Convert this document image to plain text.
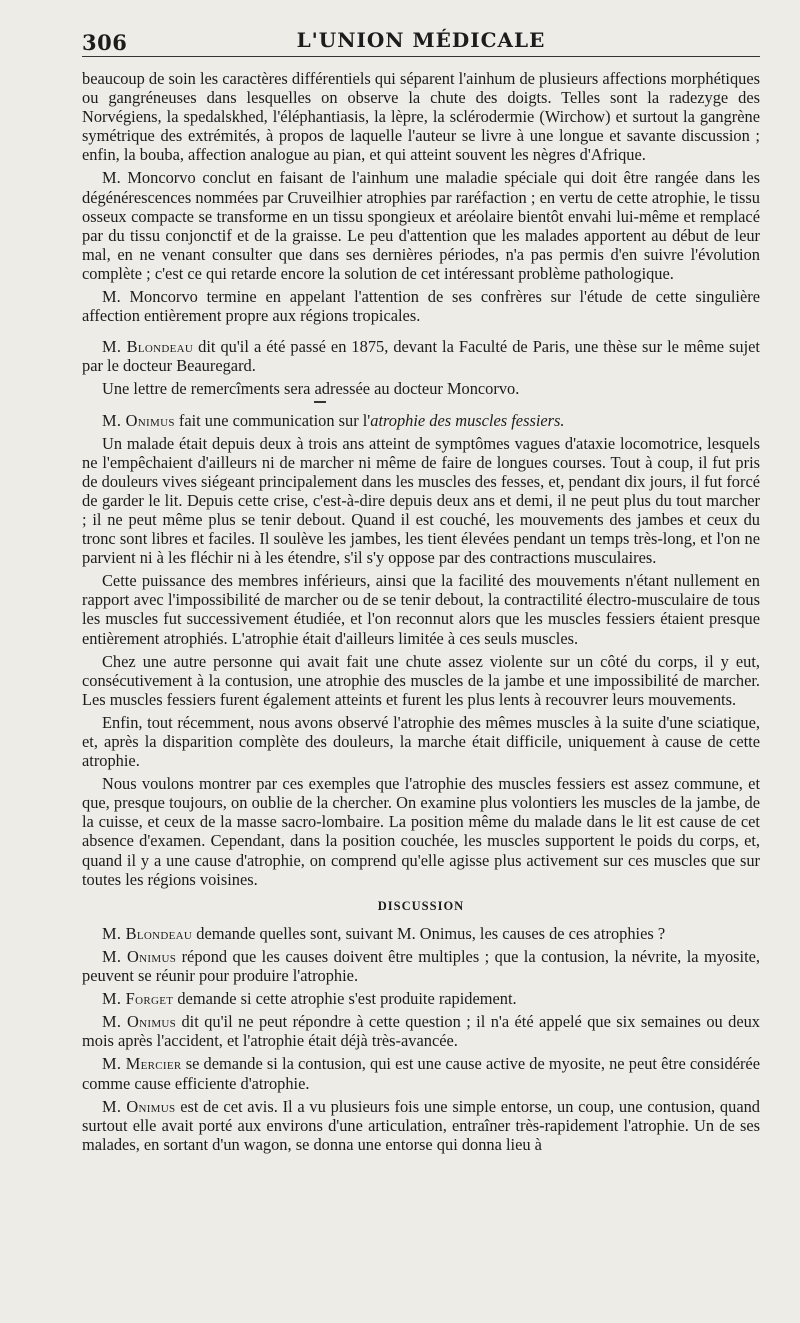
306	L'UNION MÉDICALE

beaucoup de soin les caractères différentiels qui séparent l'ainhum de plusieurs affections morphétiques ou gangréneuses dans lesquelles on observe la chute des doigts. Telles sont la radezyge des Norvégiens, la spedalskhed, l'éléphantiasis, la lèpre, la sclérodermie (Wirchow) et surtout la gangrène symétrique des extrémités, à propos de laquelle l'auteur se livre à une longue et savante discussion ; enfin, la bouba, affection analogue au pian, et qui atteint souvent les nègres d'Afrique.

M. Moncorvo conclut en faisant de l'ainhum une maladie spéciale qui doit être rangée dans les dégénérescences nommées par Cruveilhier atrophies par raréfaction ; en vertu de cette atrophie, le tissu osseux compacte se transforme en un tissu spongieux et aréolaire bientôt envahi lui-même et remplacé par du tissu conjonctif et de la graisse. Le peu d'attention que les malades apportent au début de leur mal, en ne venant consulter que dans ses dernières périodes, n'a pas permis d'en suivre l'évolution complète ; c'est ce qui retarde encore la solution de cet intéressant problème pathologique.

M. Moncorvo termine en appelant l'attention de ses confrères sur l'étude de cette singulière affection entièrement propre aux régions tropicales.

M. Blondeau dit qu'il a été passé en 1875, devant la Faculté de Paris, une thèse sur le même sujet par le docteur Beauregard.

Une lettre de remercîments sera adressée au docteur Moncorvo.

M. Onimus fait une communication sur l'atrophie des muscles fessiers.

Un malade était depuis deux à trois ans atteint de symptômes vagues d'ataxie locomotrice, lesquels ne l'empêchaient d'ailleurs ni de marcher ni même de faire de longues courses. Tout à coup, il fut pris de douleurs vives siégeant principalement dans les muscles des fesses, et, pendant dix jours, il fut forcé de garder le lit. Depuis cette crise, c'est-à-dire depuis deux ans et demi, il ne peut plus du tout marcher ; il ne peut même plus se tenir debout. Quand il est couché, les mouvements des jambes et ceux du tronc sont libres et faciles. Il soulève les jambes, les tient élevées pendant un temps très-long, et l'on ne parvient ni à les fléchir ni à les étendre, s'il s'y oppose par des contractions musculaires.

Cette puissance des membres inférieurs, ainsi que la facilité des mouvements n'étant nullement en rapport avec l'impossibilité de marcher ou de se tenir debout, la contractilité électro-musculaire de tous les muscles fut successivement étudiée, et l'on reconnut alors que les muscles fessiers étaient presque entièrement atrophiés. L'atrophie était d'ailleurs limitée à ces seuls muscles.

Chez une autre personne qui avait fait une chute assez violente sur un côté du corps, il y eut, consécutivement à la contusion, une atrophie des muscles de la jambe et une impossibilité de marcher. Les muscles fessiers furent également atteints et furent les plus lents à recouvrer leurs mouvements.

Enfin, tout récemment, nous avons observé l'atrophie des mêmes muscles à la suite d'une sciatique, et, après la disparition complète des douleurs, la marche était difficile, uniquement à cause de cette atrophie.

Nous voulons montrer par ces exemples que l'atrophie des muscles fessiers est assez commune, et que, presque toujours, on oublie de la chercher. On examine plus volontiers les muscles de la jambe, de la cuisse, et ceux de la masse sacro-lombaire. La position même du malade dans le lit est cause de cet absence d'examen. Cependant, dans la position couchée, les muscles supportent le poids du corps, et, quand il y a une cause d'atrophie, on comprend qu'elle agisse plus activement sur ces muscles que sur toutes les régions voisines.

DISCUSSION

M. Blondeau demande quelles sont, suivant M. Onimus, les causes de ces atrophies ?

M. Onimus répond que les causes doivent être multiples ; que la contusion, la névrite, la myosite, peuvent se réunir pour produire l'atrophie.

M. Forget demande si cette atrophie s'est produite rapidement.

M. Onimus dit qu'il ne peut répondre à cette question ; il n'a été appelé que six semaines ou deux mois après l'accident, et l'atrophie était déjà très-avancée.

M. Mercier se demande si la contusion, qui est une cause active de myosite, ne peut être considérée comme cause efficiente d'atrophie.

M. Onimus est de cet avis. Il a vu plusieurs fois une simple entorse, un coup, une contusion, quand surtout elle avait porté aux environs d'une articulation, entraîner très-rapidement l'atrophie. Un de ses malades, en sortant d'un wagon, se donna une entorse qui donna lieu à
